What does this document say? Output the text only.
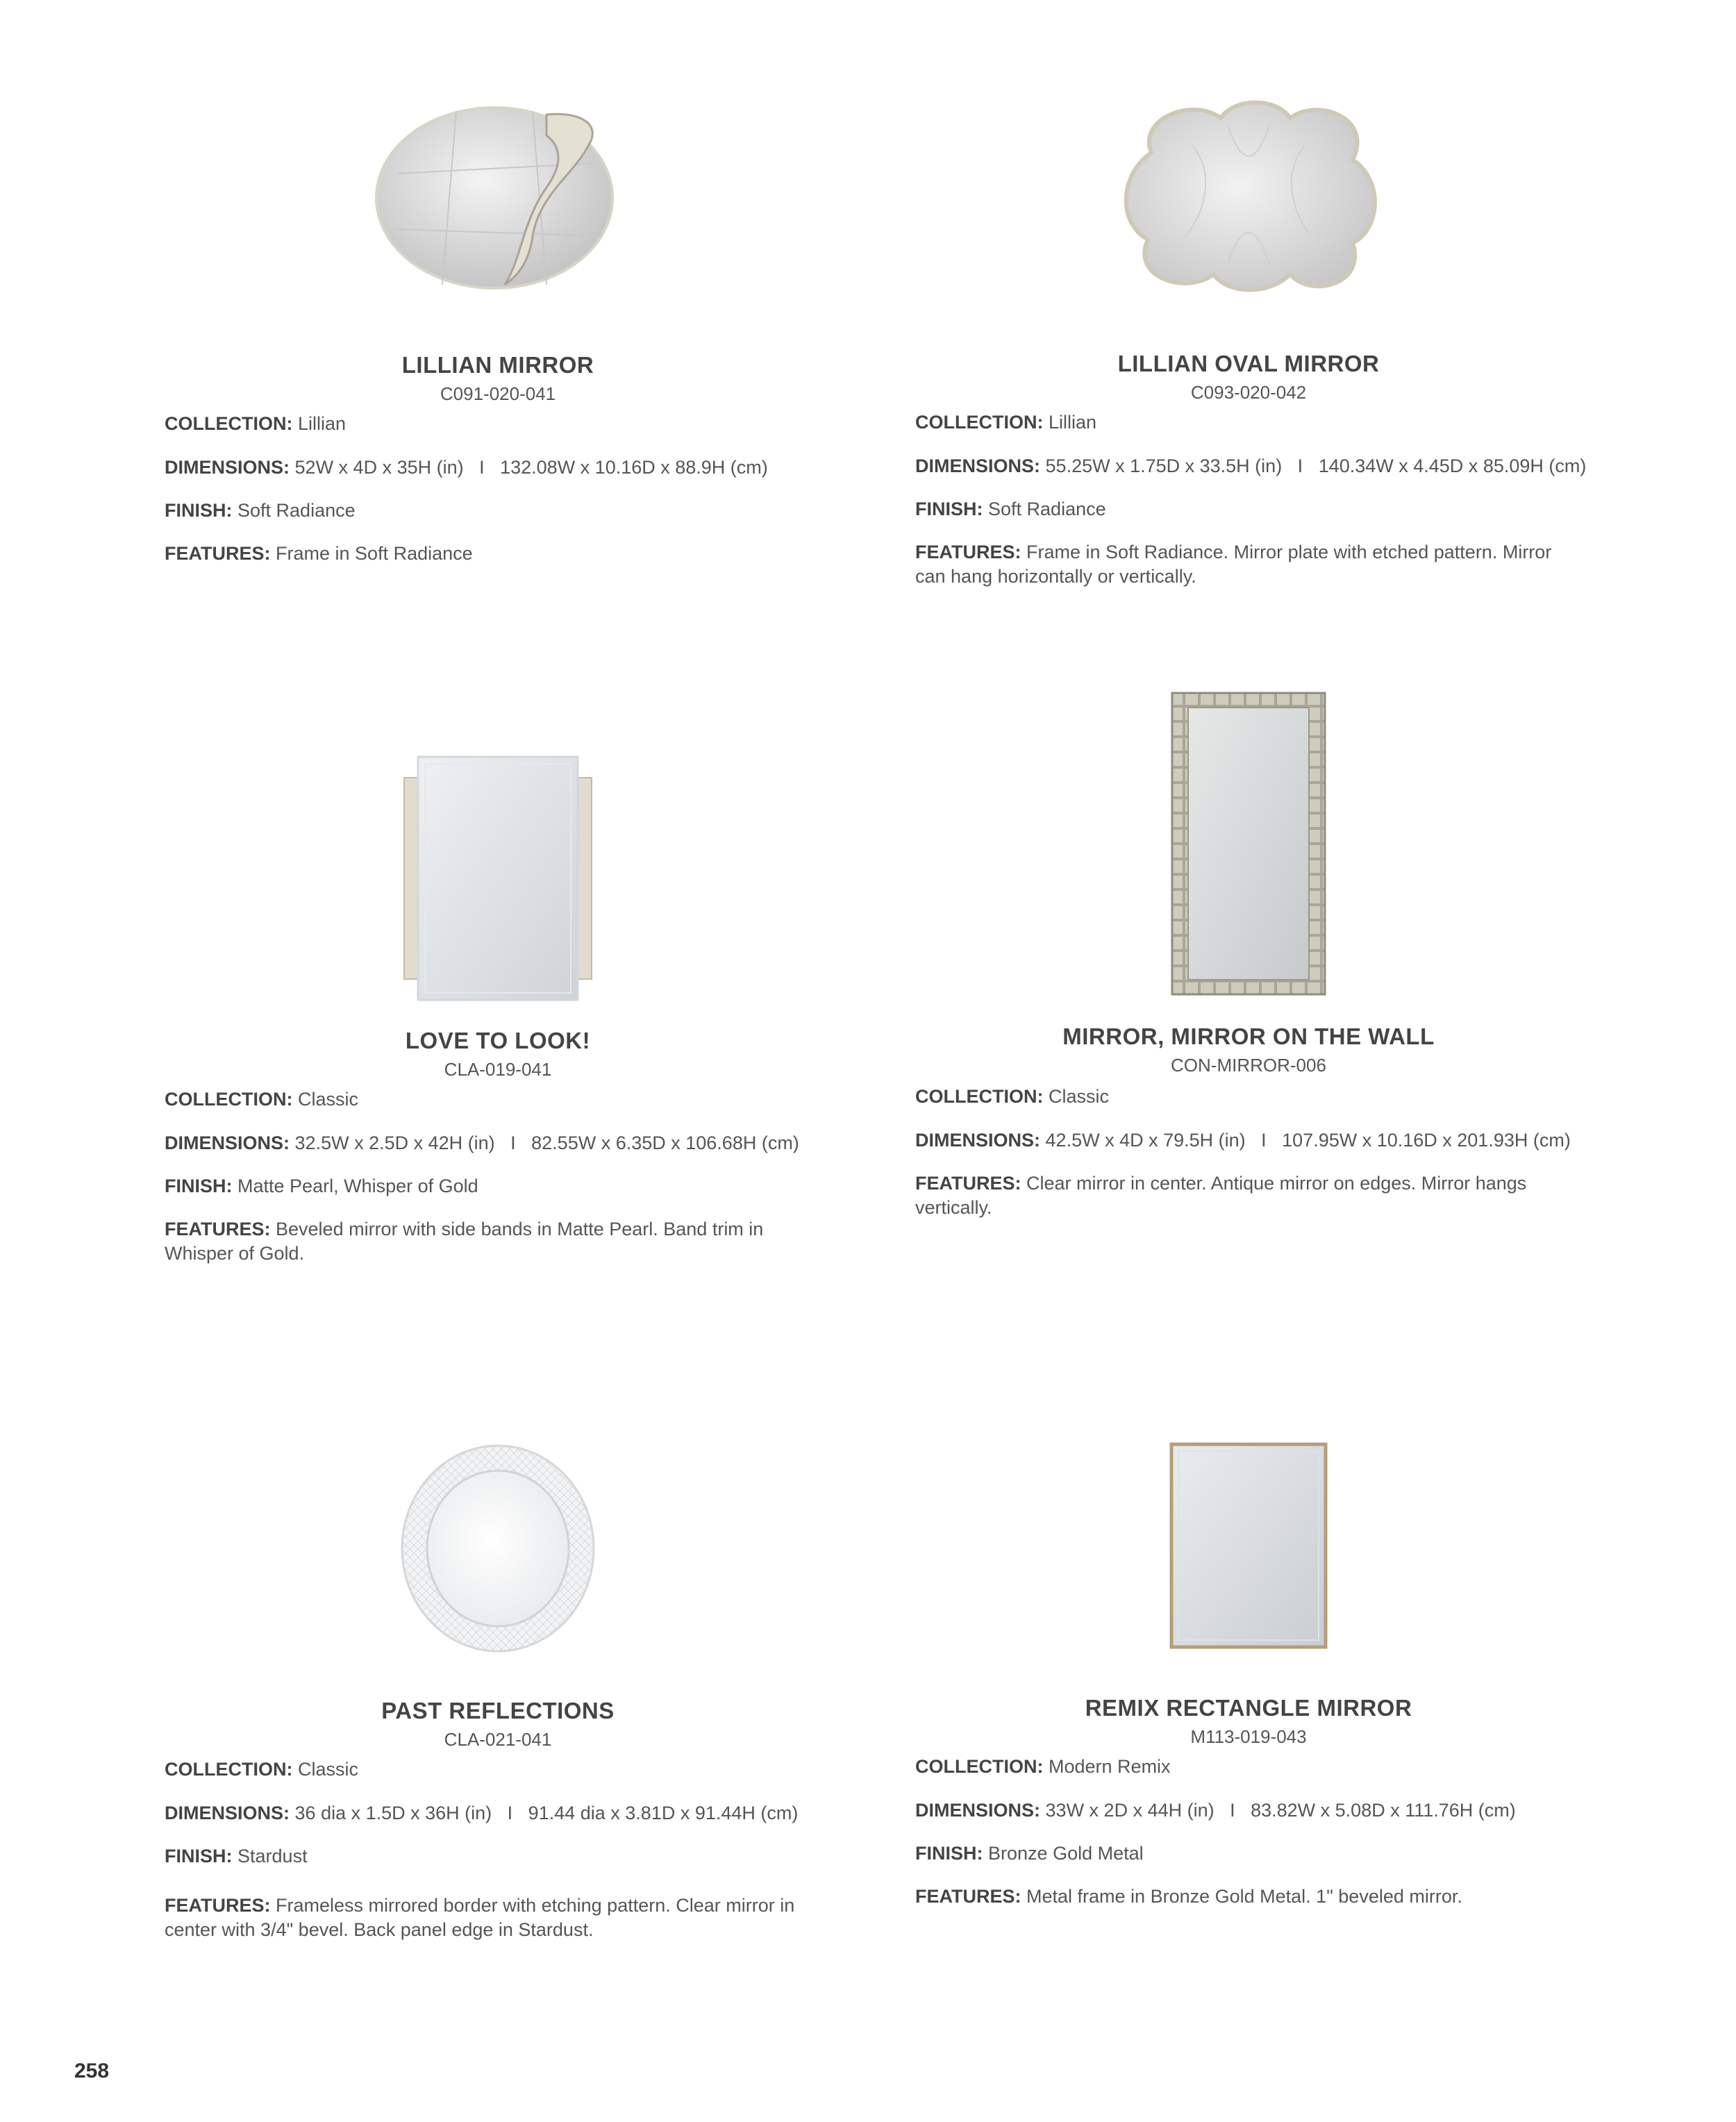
LILLIAN MIRROR
C091-020-041
COLLECTION: Lillian
DIMENSIONS: 52W x 4D x 35H (in)   I   132.08W x 10.16D x 88.9H (cm)
FINISH: Soft Radiance
FEATURES: Frame in Soft Radiance
LILLIAN OVAL MIRROR
C093-020-042
COLLECTION: Lillian
DIMENSIONS: 55.25W x 1.75D x 33.5H (in)   I   140.34W x 4.45D x 85.09H (cm)
FINISH: Soft Radiance
FEATURES: Frame in Soft Radiance. Mirror plate with etched pattern. Mirror can hang horizontally or vertically.
LOVE TO LOOK!
CLA-019-041
COLLECTION: Classic
DIMENSIONS: 32.5W x 2.5D x 42H (in)   I   82.55W x 6.35D x 106.68H (cm)
FINISH: Matte Pearl, Whisper of Gold
FEATURES: Beveled mirror with side bands in Matte Pearl. Band trim in Whisper of Gold.
MIRROR, MIRROR ON THE WALL
CON-MIRROR-006
COLLECTION: Classic
DIMENSIONS: 42.5W x 4D x 79.5H (in)   I   107.95W x 10.16D x 201.93H (cm)
FEATURES: Clear mirror in center. Antique mirror on edges. Mirror hangs vertically.
PAST REFLECTIONS
CLA-021-041
COLLECTION: Classic
DIMENSIONS: 36 dia x 1.5D x 36H (in)   I   91.44 dia x 3.81D x 91.44H (cm)
FINISH: Stardust
FEATURES: Frameless mirrored border with etching pattern. Clear mirror in center with 3/4" bevel. Back panel edge in Stardust.
REMIX RECTANGLE MIRROR
M113-019-043
COLLECTION: Modern Remix
DIMENSIONS: 33W x 2D x 44H (in)   I   83.82W x 5.08D x 111.76H (cm)
FINISH: Bronze Gold Metal
FEATURES: Metal frame in Bronze Gold Metal. 1" beveled mirror.
258
